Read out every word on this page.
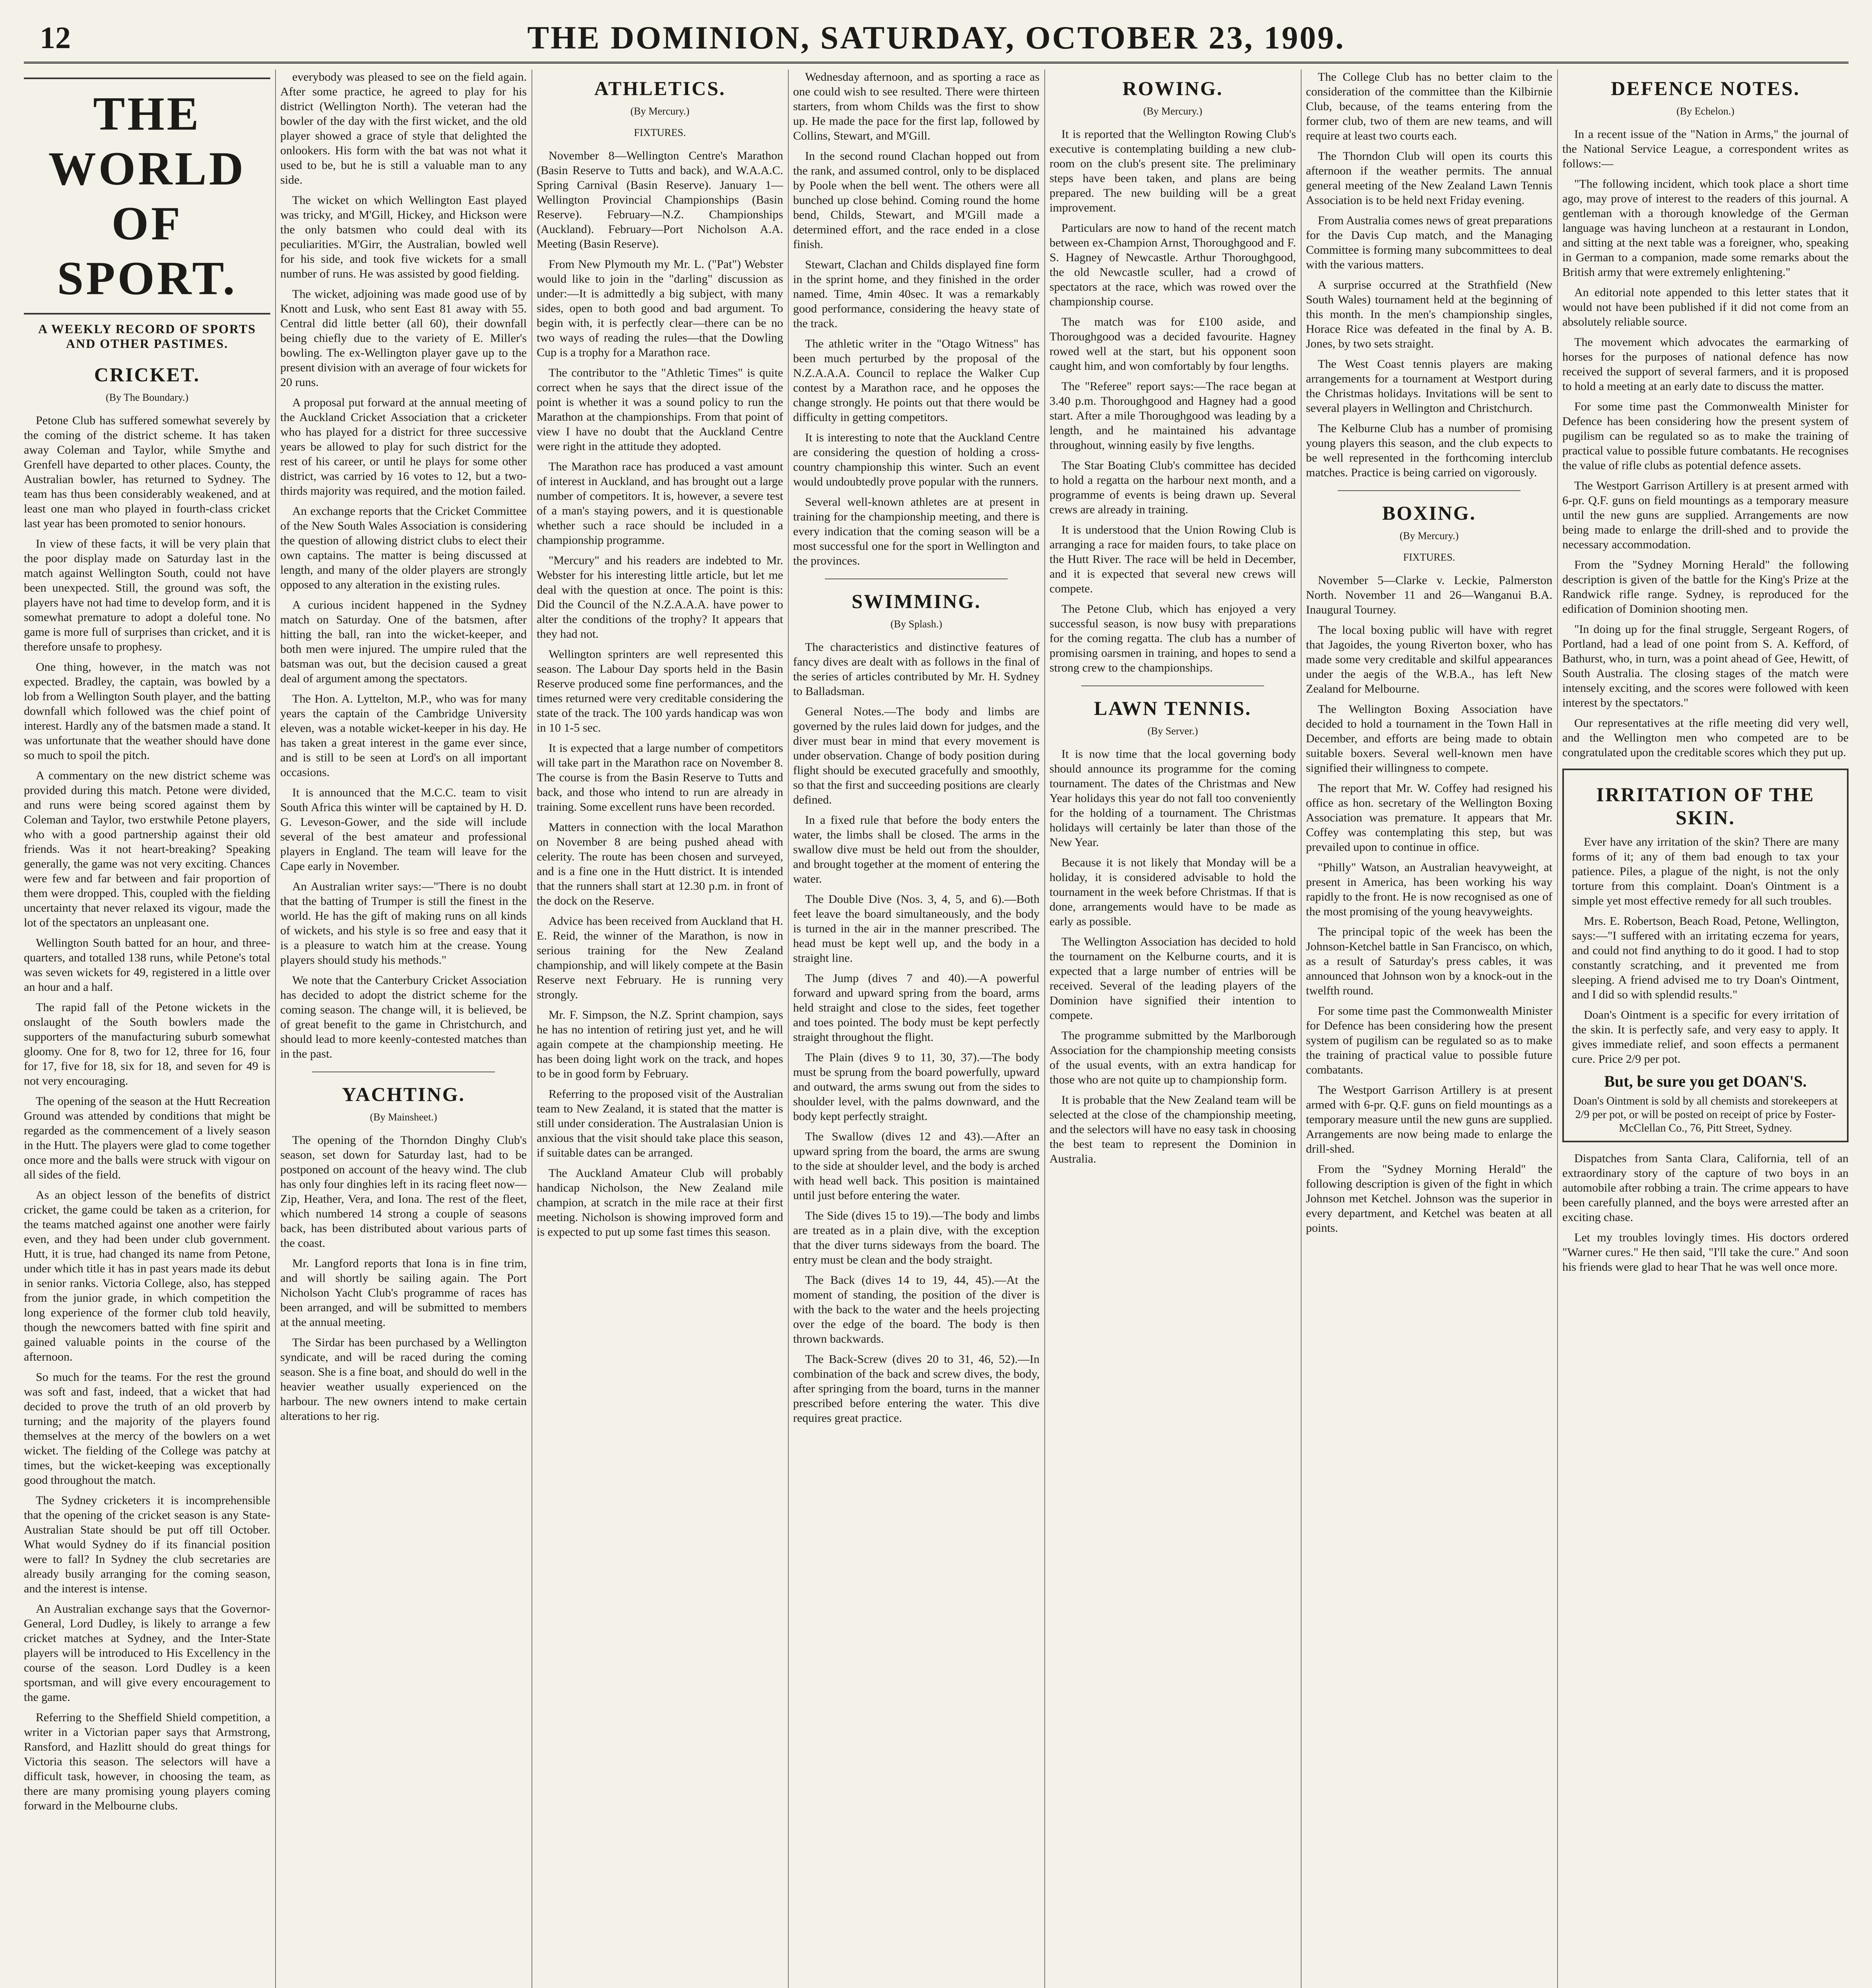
12	THE DOMINION, SATURDAY, OCTOBER 23, 1909.
THE WORLD OF SPORT.
A WEEKLY RECORD OF SPORTS AND OTHER PASTIMES.
CRICKET.
(By The Boundary.)

Petone Club has suffered somewhat severely by the coming of the district scheme. It has taken away Coleman and Taylor, while Smythe and Grenfell have departed to other places. County, the Australian bowler, has returned to Sydney. The team has thus been considerably weakened, and at least one man who played in fourth-class cricket last year has been promoted to senior honours.

In view of these facts, it will be very plain that the poor display made on Saturday last in the match against Wellington South, could not have been unexpected. Still, the ground was soft, the players have not had time to develop form, and it is somewhat premature to adopt a doleful tone. No game is more full of surprises than cricket, and it is therefore unsafe to prophesy.

One thing, however, in the match was not expected. Bradley, the captain, was bowled by a lob from a Wellington South player, and the batting downfall which followed was the chief point of interest. Hardly any of the batsmen made a stand. It was unfortunate that the weather should have done so much to spoil the pitch.

A commentary on the new district scheme was provided during this match. Petone were divided, and runs were being scored against them by Coleman and Taylor, two erstwhile Petone players, who with a good partnership against their old friends. Was it not heart-breaking? Speaking generally, the game was not very exciting. Chances were few and far between and fair proportion of them were dropped. This, coupled with the fielding uncertainty that never relaxed its vigour, made the lot of the spectators an unpleasant one.

Wellington South batted for an hour, and three-quarters, and totalled 138 runs, while Petone's total was seven wickets for 49, registered in a little over an hour and a half.

The rapid fall of the Petone wickets in the onslaught of the South bowlers made the supporters of the manufacturing suburb somewhat gloomy. One for 8, two for 12, three for 16, four for 17, five for 18, six for 18, and seven for 49 is not very encouraging.

The opening of the season at the Hutt Recreation Ground was attended by conditions that might be regarded as the commencement of a lively season in the Hutt. The players were glad to come together once more and the balls were struck with vigour on all sides of the field.

As an object lesson of the benefits of district cricket, the game could be taken as a criterion, for the teams matched against one another were fairly even, and they had been under club government. Hutt, it is true, had changed its name from Petone, under which title it has in past years made its debut in senior ranks. Victoria College, also, has stepped from the junior grade, in which competition the long experience of the former club told heavily, though the newcomers batted with fine spirit and gained valuable points in the course of the afternoon.

So much for the teams. For the rest the ground was soft and fast, indeed, that a wicket that had decided to prove the truth of an old proverb by turning; and the majority of the players found themselves at the mercy of the bowlers on a wet wicket. The fielding of the College was patchy at times, but the wicket-keeping was exceptionally good throughout the match.

The Sydney cricketers it is incomprehensible that the opening of the cricket season is any State-Australian State should be put off till October. What would Sydney do if its financial position were to fall? In Sydney the club secretaries are already busily arranging for the coming season, and the interest is intense.

An Australian exchange says that the Governor-General, Lord Dudley, is likely to arrange a few cricket matches at Sydney, and the Inter-State players will be introduced to His Excellency in the course of the season. Lord Dudley is a keen sportsman, and will give every encouragement to the game.

Referring to the Sheffield Shield competition, a writer in a Victorian paper says that Armstrong, Ransford, and Hazlitt should do great things for Victoria this season. The selectors will have a difficult task, however, in choosing the team, as there are many promising young players coming forward in the Melbourne clubs.

everybody was pleased to see on the field again. After some practice, he agreed to play for his district (Wellington North). The veteran had the bowler of the day with the first wicket, and the old player showed a grace of style that delighted the onlookers. His form with the bat was not what it used to be, but he is still a valuable man to any side.

The wicket on which Wellington East played was tricky, and M'Gill, Hickey, and Hickson were the only batsmen who could deal with its peculiarities. M'Girr, the Australian, bowled well for his side, and took five wickets for a small number of runs. He was assisted by good fielding.

The wicket, adjoining was made good use of by Knott and Lusk, who sent East 81 away with 55. Central did little better (all 60), their downfall being chiefly due to the variety of E. Miller's bowling. The ex-Wellington player gave up to the present division with an average of four wickets for 20 runs.

A proposal put forward at the annual meeting of the Auckland Cricket Association that a cricketer who has played for a district for three successive years be allowed to play for such district for the rest of his career, or until he plays for some other district, was carried by 16 votes to 12, but a two-thirds majority was required, and the motion failed.

An exchange reports that the Cricket Committee of the New South Wales Association is considering the question of allowing district clubs to elect their own captains. The matter is being discussed at length, and many of the older players are strongly opposed to any alteration in the existing rules.

A curious incident happened in the Sydney match on Saturday. One of the batsmen, after hitting the ball, ran into the wicket-keeper, and both men were injured. The umpire ruled that the batsman was out, but the decision caused a great deal of argument among the spectators.

The Hon. A. Lyttelton, M.P., who was for many years the captain of the Cambridge University eleven, was a notable wicket-keeper in his day. He has taken a great interest in the game ever since, and is still to be seen at Lord's on all important occasions.

It is announced that the M.C.C. team to visit South Africa this winter will be captained by H. D. G. Leveson-Gower, and the side will include several of the best amateur and professional players in England. The team will leave for the Cape early in November.

An Australian writer says:—"There is no doubt that the batting of Trumper is still the finest in the world. He has the gift of making runs on all kinds of wickets, and his style is so free and easy that it is a pleasure to watch him at the crease. Young players should study his methods."

We note that the Canterbury Cricket Association has decided to adopt the district scheme for the coming season. The change will, it is believed, be of great benefit to the game in Christchurch, and should lead to more keenly-contested matches than in the past.

YACHTING.
(By Mainsheet.)

The opening of the Thorndon Dinghy Club's season, set down for Saturday last, had to be postponed on account of the heavy wind. The club has only four dinghies left in its racing fleet now—Zip, Heather, Vera, and Iona. The rest of the fleet, which numbered 14 strong a couple of seasons back, has been distributed about various parts of the coast.

Mr. Langford reports that Iona is in fine trim, and will shortly be sailing again. The Port Nicholson Yacht Club's programme of races has been arranged, and will be submitted to members at the annual meeting.

The Sirdar has been purchased by a Wellington syndicate, and will be raced during the coming season. She is a fine boat, and should do well in the heavier weather usually experienced on the harbour. The new owners intend to make certain alterations to her rig.

ATHLETICS.
(By Mercury.)
FIXTURES.

November 8—Wellington Centre's Marathon (Basin Reserve to Tutts and back), and W.A.A.C. Spring Carnival (Basin Reserve). January 1—Wellington Provincial Championships (Basin Reserve). February—N.Z. Championships (Auckland). February—Port Nicholson A.A. Meeting (Basin Reserve).

From New Plymouth my Mr. L. ("Pat") Webster would like to join in the "darling" discussion as under:—It is admittedly a big subject, with many sides, open to both good and bad argument. To begin with, it is perfectly clear—there can be no two ways of reading the rules—that the Dowling Cup is a trophy for a Marathon race.

The contributor to the "Athletic Times" is quite correct when he says that the direct issue of the point is whether it was a sound policy to run the Marathon at the championships. From that point of view I have no doubt that the Auckland Centre were right in the attitude they adopted.

The Marathon race has produced a vast amount of interest in Auckland, and has brought out a large number of competitors. It is, however, a severe test of a man's staying powers, and it is questionable whether such a race should be included in a championship programme.

"Mercury" and his readers are indebted to Mr. Webster for his interesting little article, but let me deal with the question at once. The point is this: Did the Council of the N.Z.A.A.A. have power to alter the conditions of the trophy? It appears that they had not.

Wellington sprinters are well represented this season. The Labour Day sports held in the Basin Reserve produced some fine performances, and the times returned were very creditable considering the state of the track. The 100 yards handicap was won in 10 1-5 sec.

It is expected that a large number of competitors will take part in the Marathon race on November 8. The course is from the Basin Reserve to Tutts and back, and those who intend to run are already in training. Some excellent runs have been recorded.

Matters in connection with the local Marathon on November 8 are being pushed ahead with celerity. The route has been chosen and surveyed, and is a fine one in the Hutt district. It is intended that the runners shall start at 12.30 p.m. in front of the dock on the Reserve.

Advice has been received from Auckland that H. E. Reid, the winner of the Marathon, is now in serious training for the New Zealand championship, and will likely compete at the Basin Reserve next February. He is running very strongly.

Mr. F. Simpson, the N.Z. Sprint champion, says he has no intention of retiring just yet, and he will again compete at the championship meeting. He has been doing light work on the track, and hopes to be in good form by February.

Referring to the proposed visit of the Australian team to New Zealand, it is stated that the matter is still under consideration. The Australasian Union is anxious that the visit should take place this season, if suitable dates can be arranged.

The Auckland Amateur Club will probably handicap Nicholson, the New Zealand mile champion, at scratch in the mile race at their first meeting. Nicholson is showing improved form and is expected to put up some fast times this season.

Wednesday afternoon, and as sporting a race as one could wish to see resulted. There were thirteen starters, from whom Childs was the first to show up. He made the pace for the first lap, followed by Collins, Stewart, and M'Gill.

In the second round Clachan hopped out from the rank, and assumed control, only to be displaced by Poole when the bell went. The others were all bunched up close behind. Coming round the home bend, Childs, Stewart, and M'Gill made a determined effort, and the race ended in a close finish.

Stewart, Clachan and Childs displayed fine form in the sprint home, and they finished in the order named. Time, 4min 40sec. It was a remarkably good performance, considering the heavy state of the track.

The athletic writer in the "Otago Witness" has been much perturbed by the proposal of the N.Z.A.A.A. Council to replace the Walker Cup contest by a Marathon race, and he opposes the change strongly. He points out that there would be difficulty in getting competitors.

It is interesting to note that the Auckland Centre are considering the question of holding a cross-country championship this winter. Such an event would undoubtedly prove popular with the runners.

Several well-known athletes are at present in training for the championship meeting, and there is every indication that the coming season will be a most successful one for the sport in Wellington and the provinces.

SWIMMING.
(By Splash.)

The characteristics and distinctive features of fancy dives are dealt with as follows in the final of the series of articles contributed by Mr. H. Sydney to Balladsman.

General Notes.—The body and limbs are governed by the rules laid down for judges, and the diver must bear in mind that every movement is under observation. Change of body position during flight should be executed gracefully and smoothly, so that the first and succeeding positions are clearly defined.

In a fixed rule that before the body enters the water, the limbs shall be closed. The arms in the swallow dive must be held out from the shoulder, and brought together at the moment of entering the water.

The Double Dive (Nos. 3, 4, 5, and 6).—Both feet leave the board simultaneously, and the body is turned in the air in the manner prescribed. The head must be kept well up, and the body in a straight line.

The Jump (dives 7 and 40).—A powerful forward and upward spring from the board, arms held straight and close to the sides, feet together and toes pointed. The body must be kept perfectly straight throughout the flight.

The Plain (dives 9 to 11, 30, 37).—The body must be sprung from the board powerfully, upward and outward, the arms swung out from the sides to shoulder level, with the palms downward, and the body kept perfectly straight.

The Swallow (dives 12 and 43).—After an upward spring from the board, the arms are swung to the side at shoulder level, and the body is arched with head well back. This position is maintained until just before entering the water.

The Side (dives 15 to 19).—The body and limbs are treated as in a plain dive, with the exception that the diver turns sideways from the board. The entry must be clean and the body straight.

The Back (dives 14 to 19, 44, 45).—At the moment of standing, the position of the diver is with the back to the water and the heels projecting over the edge of the board. The body is then thrown backwards.

The Back-Screw (dives 20 to 31, 46, 52).—In combination of the back and screw dives, the body, after springing from the board, turns in the manner prescribed before entering the water. This dive requires great practice.

ROWING.
(By Mercury.)

It is reported that the Wellington Rowing Club's executive is contemplating building a new club-room on the club's present site. The preliminary steps have been taken, and plans are being prepared. The new building will be a great improvement.

Particulars are now to hand of the recent match between ex-Champion Arnst, Thoroughgood and F. S. Hagney of Newcastle. Arthur Thoroughgood, the old Newcastle sculler, had a crowd of spectators at the race, which was rowed over the championship course.

The match was for £100 aside, and Thoroughgood was a decided favourite. Hagney rowed well at the start, but his opponent soon caught him, and won comfortably by four lengths.

The "Referee" report says:—The race began at 3.40 p.m. Thoroughgood and Hagney had a good start. After a mile Thoroughgood was leading by a length, and he maintained his advantage throughout, winning easily by five lengths.

The Star Boating Club's committee has decided to hold a regatta on the harbour next month, and a programme of events is being drawn up. Several crews are already in training.

It is understood that the Union Rowing Club is arranging a race for maiden fours, to take place on the Hutt River. The race will be held in December, and it is expected that several new crews will compete.

The Petone Club, which has enjoyed a very successful season, is now busy with preparations for the coming regatta. The club has a number of promising oarsmen in training, and hopes to send a strong crew to the championships.

LAWN TENNIS.
(By Server.)

It is now time that the local governing body should announce its programme for the coming tournament. The dates of the Christmas and New Year holidays this year do not fall too conveniently for the holding of a tournament. The Christmas holidays will certainly be later than those of the New Year.

Because it is not likely that Monday will be a holiday, it is considered advisable to hold the tournament in the week before Christmas. If that is done, arrangements would have to be made as early as possible.

The Wellington Association has decided to hold the tournament on the Kelburne courts, and it is expected that a large number of entries will be received. Several of the leading players of the Dominion have signified their intention to compete.

The programme submitted by the Marlborough Association for the championship meeting consists of the usual events, with an extra handicap for those who are not quite up to championship form.

It is probable that the New Zealand team will be selected at the close of the championship meeting, and the selectors will have no easy task in choosing the best team to represent the Dominion in Australia.

The College Club has no better claim to the consideration of the committee than the Kilbirnie Club, because, of the teams entering from the former club, two of them are new teams, and will require at least two courts each.

The Thorndon Club will open its courts this afternoon if the weather permits. The annual general meeting of the New Zealand Lawn Tennis Association is to be held next Friday evening.

From Australia comes news of great preparations for the Davis Cup match, and the Managing Committee is forming many subcommittees to deal with the various matters.

A surprise occurred at the Strathfield (New South Wales) tournament held at the beginning of this month. In the men's championship singles, Horace Rice was defeated in the final by A. B. Jones, by two sets straight.

The West Coast tennis players are making arrangements for a tournament at Westport during the Christmas holidays. Invitations will be sent to several players in Wellington and Christchurch.

The Kelburne Club has a number of promising young players this season, and the club expects to be well represented in the forthcoming interclub matches. Practice is being carried on vigorously.

BOXING.
(By Mercury.)
FIXTURES.

November 5—Clarke v. Leckie, Palmerston North. November 11 and 26—Wanganui B.A. Inaugural Tourney.

The local boxing public will have with regret that Jagoides, the young Riverton boxer, who has made some very creditable and skilful appearances under the aegis of the W.B.A., has left New Zealand for Melbourne.

The Wellington Boxing Association have decided to hold a tournament in the Town Hall in December, and efforts are being made to obtain suitable boxers. Several well-known men have signified their willingness to compete.

The report that Mr. W. Coffey had resigned his office as hon. secretary of the Wellington Boxing Association was premature. It appears that Mr. Coffey was contemplating this step, but was prevailed upon to continue in office.

"Philly" Watson, an Australian heavyweight, at present in America, has been working his way rapidly to the front. He is now recognised as one of the most promising of the young heavyweights.

The principal topic of the week has been the Johnson-Ketchel battle in San Francisco, on which, as a result of Saturday's press cables, it was announced that Johnson won by a knock-out in the twelfth round.

For some time past the Commonwealth Minister for Defence has been considering how the present system of pugilism can be regulated so as to make the training of practical value to possible future combatants.

The Westport Garrison Artillery is at present armed with 6-pr. Q.F. guns on field mountings as a temporary measure until the new guns are supplied. Arrangements are now being made to enlarge the drill-shed.

From the "Sydney Morning Herald" the following description is given of the fight in which Johnson met Ketchel. Johnson was the superior in every department, and Ketchel was beaten at all points.

DEFENCE NOTES.
(By Echelon.)

In a recent issue of the "Nation in Arms," the journal of the National Service League, a correspondent writes as follows:—

"The following incident, which took place a short time ago, may prove of interest to the readers of this journal. A gentleman with a thorough knowledge of the German language was having luncheon at a restaurant in London, and sitting at the next table was a foreigner, who, speaking in German to a companion, made some remarks about the British army that were extremely enlightening."

An editorial note appended to this letter states that it would not have been published if it did not come from an absolutely reliable source.

The movement which advocates the earmarking of horses for the purposes of national defence has now received the support of several farmers, and it is proposed to hold a meeting at an early date to discuss the matter.

For some time past the Commonwealth Minister for Defence has been considering how the present system of pugilism can be regulated so as to make the training of practical value to possible future combatants. He recognises the value of rifle clubs as potential defence assets.

The Westport Garrison Artillery is at present armed with 6-pr. Q.F. guns on field mountings as a temporary measure until the new guns are supplied. Arrangements are now being made to enlarge the drill-shed and to provide the necessary accommodation.

From the "Sydney Morning Herald" the following description is given of the battle for the King's Prize at the Randwick rifle range. Sydney, is reproduced for the edification of Dominion shooting men.

"In doing up for the final struggle, Sergeant Rogers, of Portland, had a lead of one point from S. A. Kefford, of Bathurst, who, in turn, was a point ahead of Gee, Hewitt, of South Australia. The closing stages of the match were intensely exciting, and the scores were followed with keen interest by the spectators."

Our representatives at the rifle meeting did very well, and the Wellington men who competed are to be congratulated upon the creditable scores which they put up.

IRRITATION OF THE SKIN.

Ever have any irritation of the skin? There are many forms of it; any of them bad enough to tax your patience. Piles, a plague of the night, is not the only torture from this complaint. Doan's Ointment is a simple yet most effective remedy for all such troubles.

Mrs. E. Robertson, Beach Road, Petone, Wellington, says:—"I suffered with an irritating eczema for years, and could not find anything to do it good. I had to stop constantly scratching, and it prevented me from sleeping. A friend advised me to try Doan's Ointment, and I did so with splendid results."

Doan's Ointment is a specific for every irritation of the skin. It is perfectly safe, and very easy to apply. It gives immediate relief, and soon effects a permanent cure. Price 2/9 per pot.

But, be sure you get DOAN'S.
Doan's Ointment is sold by all chemists and storekeepers at 2/9 per pot, or will be posted on receipt of price by Foster-McClellan Co., 76, Pitt Street, Sydney.

Dispatches from Santa Clara, California, tell of an extraordinary story of the capture of two boys in an automobile after robbing a train. The crime appears to have been carefully planned, and the boys were arrested after an exciting chase.

Let my troubles lovingly times. His doctors ordered "Warner cures." He then said, "I'll take the cure." And soon his friends were glad to hear That he was well once more.
